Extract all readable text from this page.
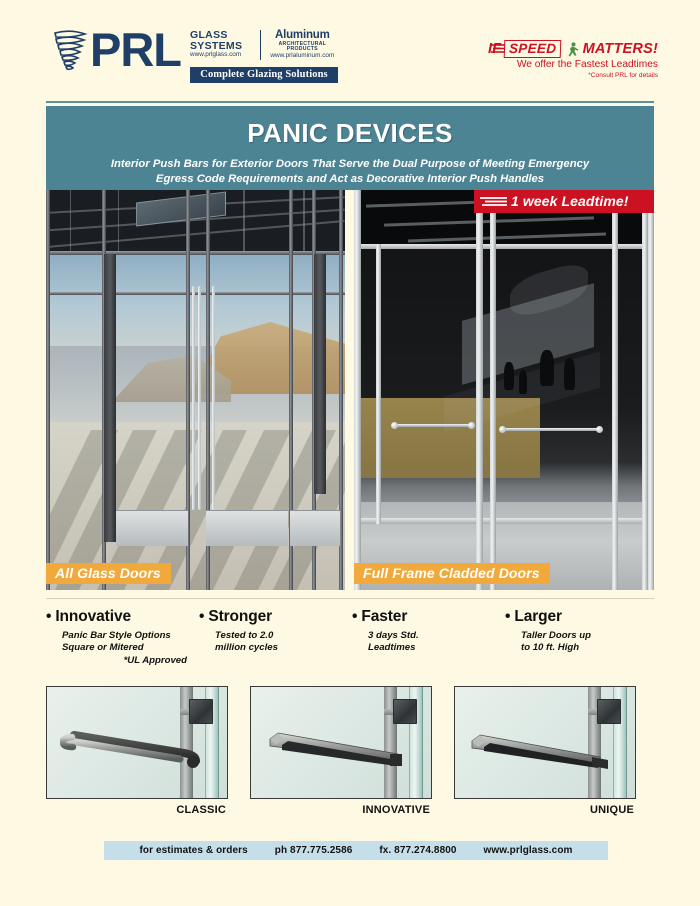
PRL GLASS
SYSTEMS
www.prlglass.com
Aluminum
ARCHITECTURAL PRODUCTS
www.prlaluminum.com
Complete Glazing Solutions
IF SPEED	MATTERS!
We offer the Fastest Leadtimes
*Consult PRL for details
PANIC DEVICES

Interior Push Bars for Exterior Doors That Serve the Dual Purpose of Meeting Emergency

Egress Code Requirements and Act as Decorative Interior Push Handles

All Glass Doors
1 week Leadtime!
Full Frame Cladded Doors
• Innovative
Panic Bar Style Options
Square or Mitered
*UL Approved
• Stronger
Tested to 2.0
million cycles
• Faster
3 days Std.
Leadtimes
• Larger
Taller Doors up
to 10 ft. High
CLASSIC	INNOVATIVE	UNIQUE
for estimates & orders	ph 877.775.2586	fx. 877.274.8800	www.prlglass.com
